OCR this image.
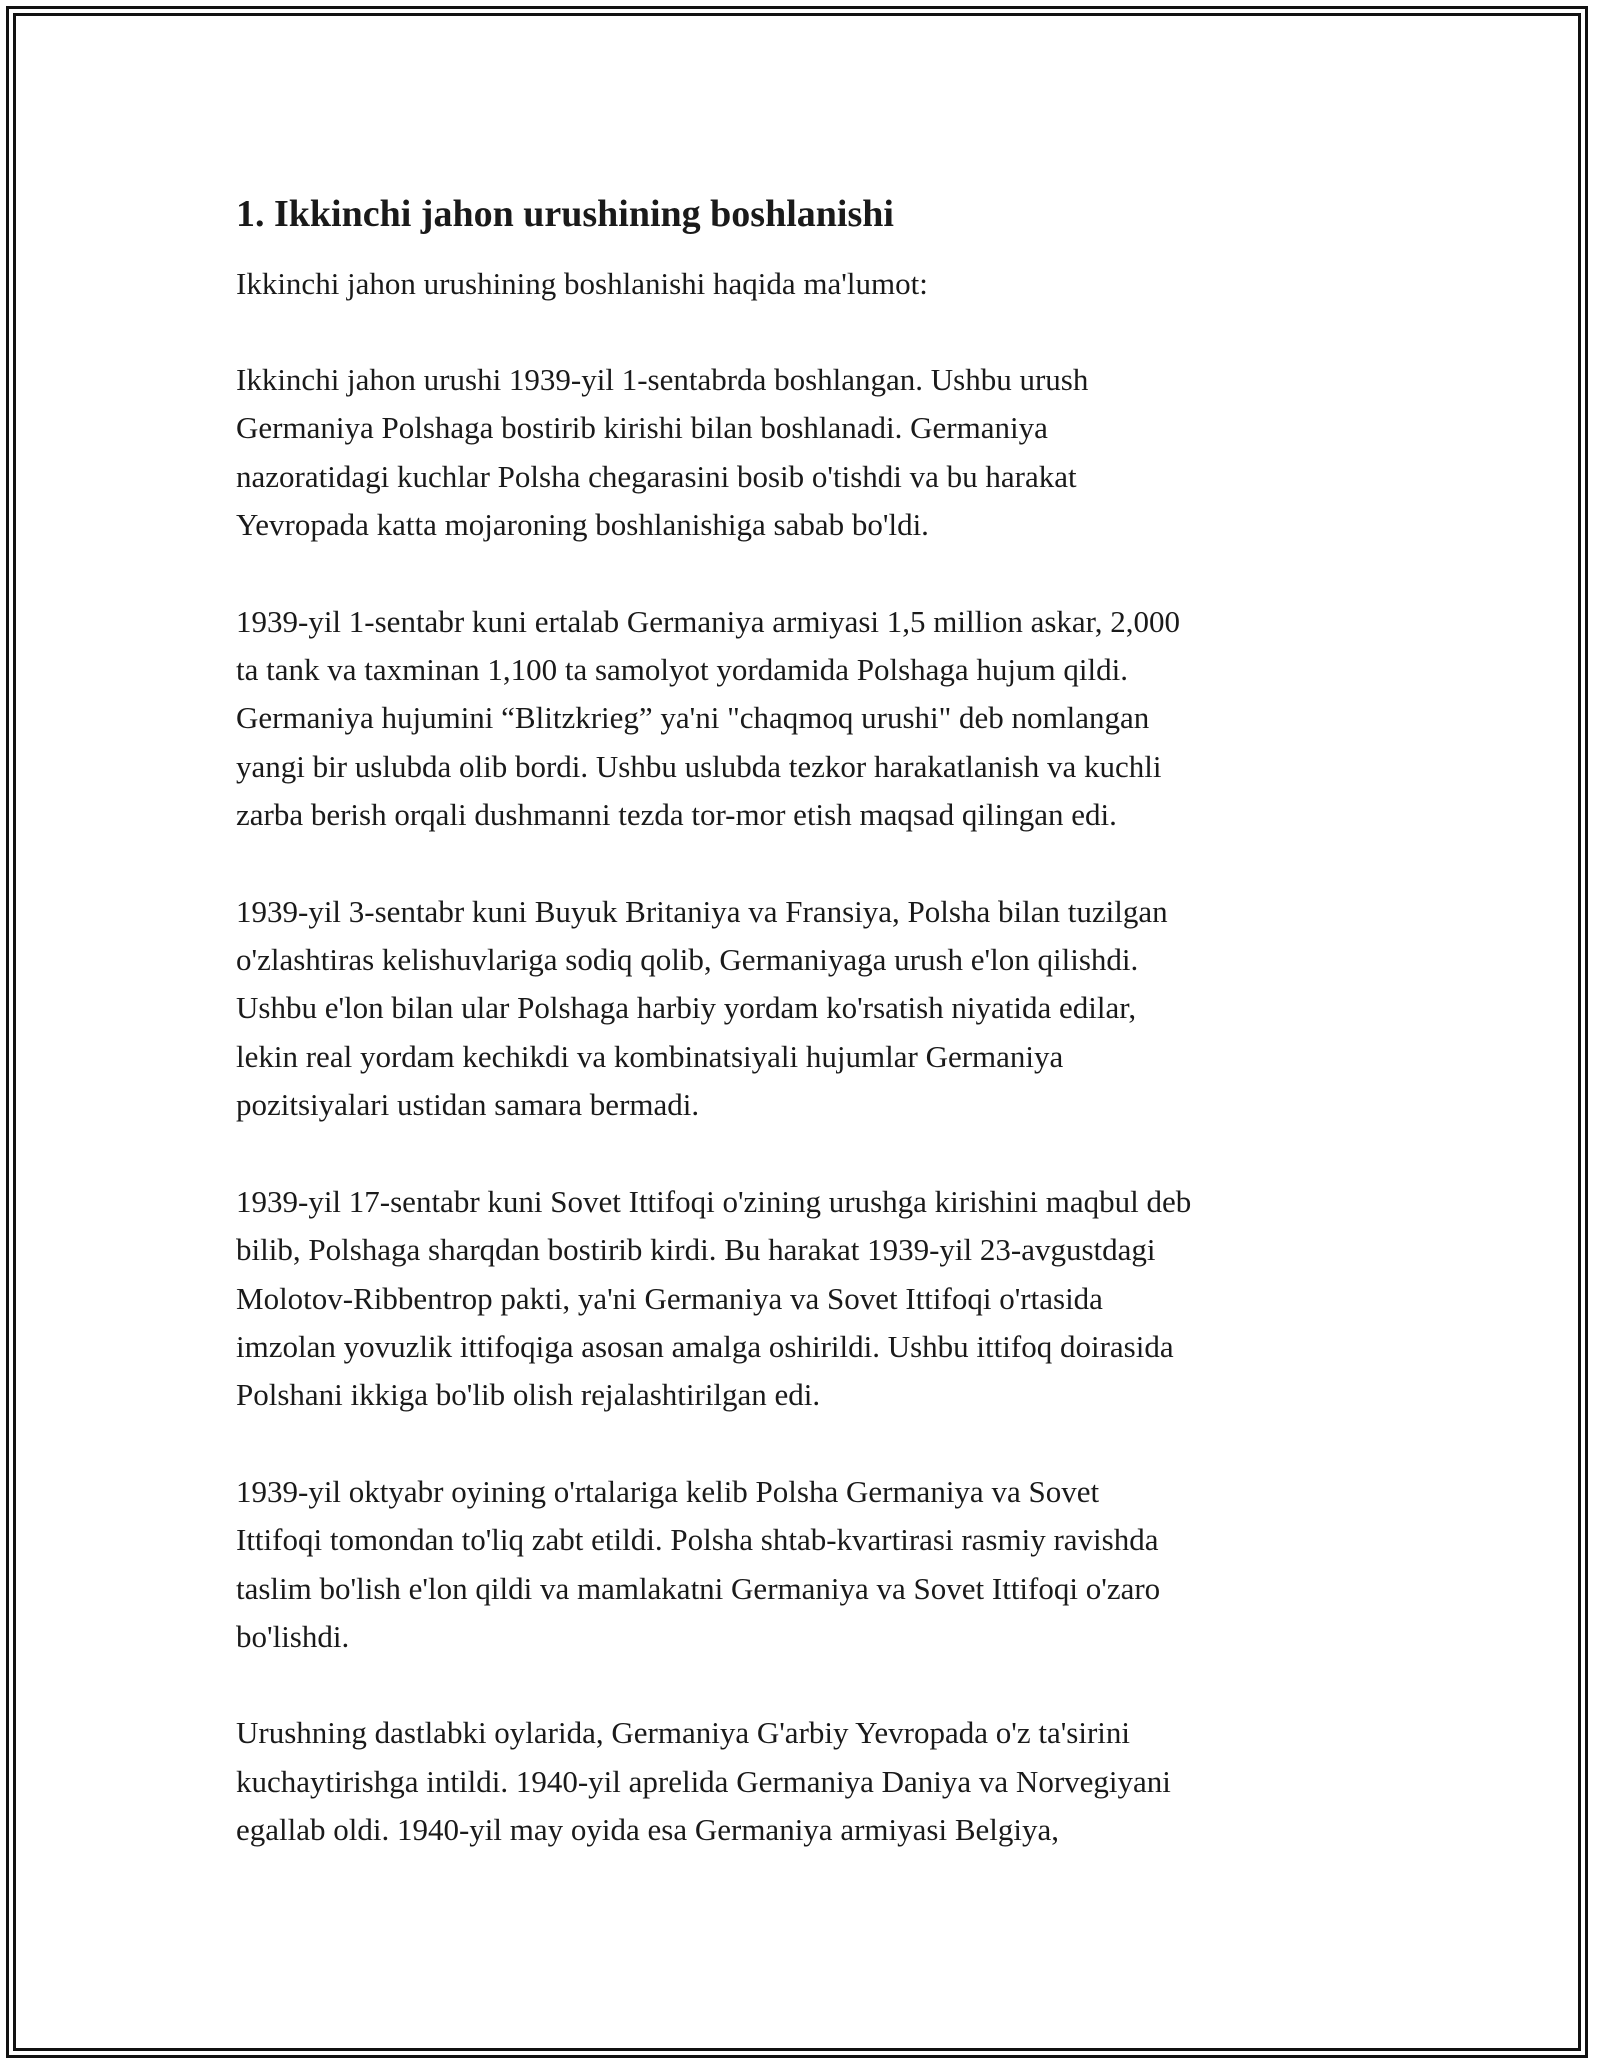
1. Ikkinchi jahon urushining boshlanishi

Ikkinchi jahon urushining boshlanishi haqida ma'lumot:

Ikkinchi jahon urushi 1939-yil 1-sentabrda boshlangan. Ushbu urush
Germaniya Polshaga bostirib kirishi bilan boshlanadi. Germaniya
nazoratidagi kuchlar Polsha chegarasini bosib o'tishdi va bu harakat
Yevropada katta mojaroning boshlanishiga sabab bo'ldi.

1939-yil 1-sentabr kuni ertalab Germaniya armiyasi 1,5 million askar, 2,000
ta tank va taxminan 1,100 ta samolyot yordamida Polshaga hujum qildi.
Germaniya hujumini “Blitzkrieg” ya'ni "chaqmoq urushi" deb nomlangan
yangi bir uslubda olib bordi. Ushbu uslubda tezkor harakatlanish va kuchli
zarba berish orqali dushmanni tezda tor-mor etish maqsad qilingan edi.

1939-yil 3-sentabr kuni Buyuk Britaniya va Fransiya, Polsha bilan tuzilgan
o'zlashtiras kelishuvlariga sodiq qolib, Germaniyaga urush e'lon qilishdi.
Ushbu e'lon bilan ular Polshaga harbiy yordam ko'rsatish niyatida edilar,
lekin real yordam kechikdi va kombinatsiyali hujumlar Germaniya
pozitsiyalari ustidan samara bermadi.

1939-yil 17-sentabr kuni Sovet Ittifoqi o'zining urushga kirishini maqbul deb
bilib, Polshaga sharqdan bostirib kirdi. Bu harakat 1939-yil 23-avgustdagi
Molotov-Ribbentrop pakti, ya'ni Germaniya va Sovet Ittifoqi o'rtasida
imzolan yovuzlik ittifoqiga asosan amalga oshirildi. Ushbu ittifoq doirasida
Polshani ikkiga bo'lib olish rejalashtirilgan edi.

1939-yil oktyabr oyining o'rtalariga kelib Polsha Germaniya va Sovet
Ittifoqi tomondan to'liq zabt etildi. Polsha shtab-kvartirasi rasmiy ravishda
taslim bo'lish e'lon qildi va mamlakatni Germaniya va Sovet Ittifoqi o'zaro
bo'lishdi.

Urushning dastlabki oylarida, Germaniya G'arbiy Yevropada o'z ta'sirini
kuchaytirishga intildi. 1940-yil aprelida Germaniya Daniya va Norvegiyani
egallab oldi. 1940-yil may oyida esa Germaniya armiyasi Belgiya,
